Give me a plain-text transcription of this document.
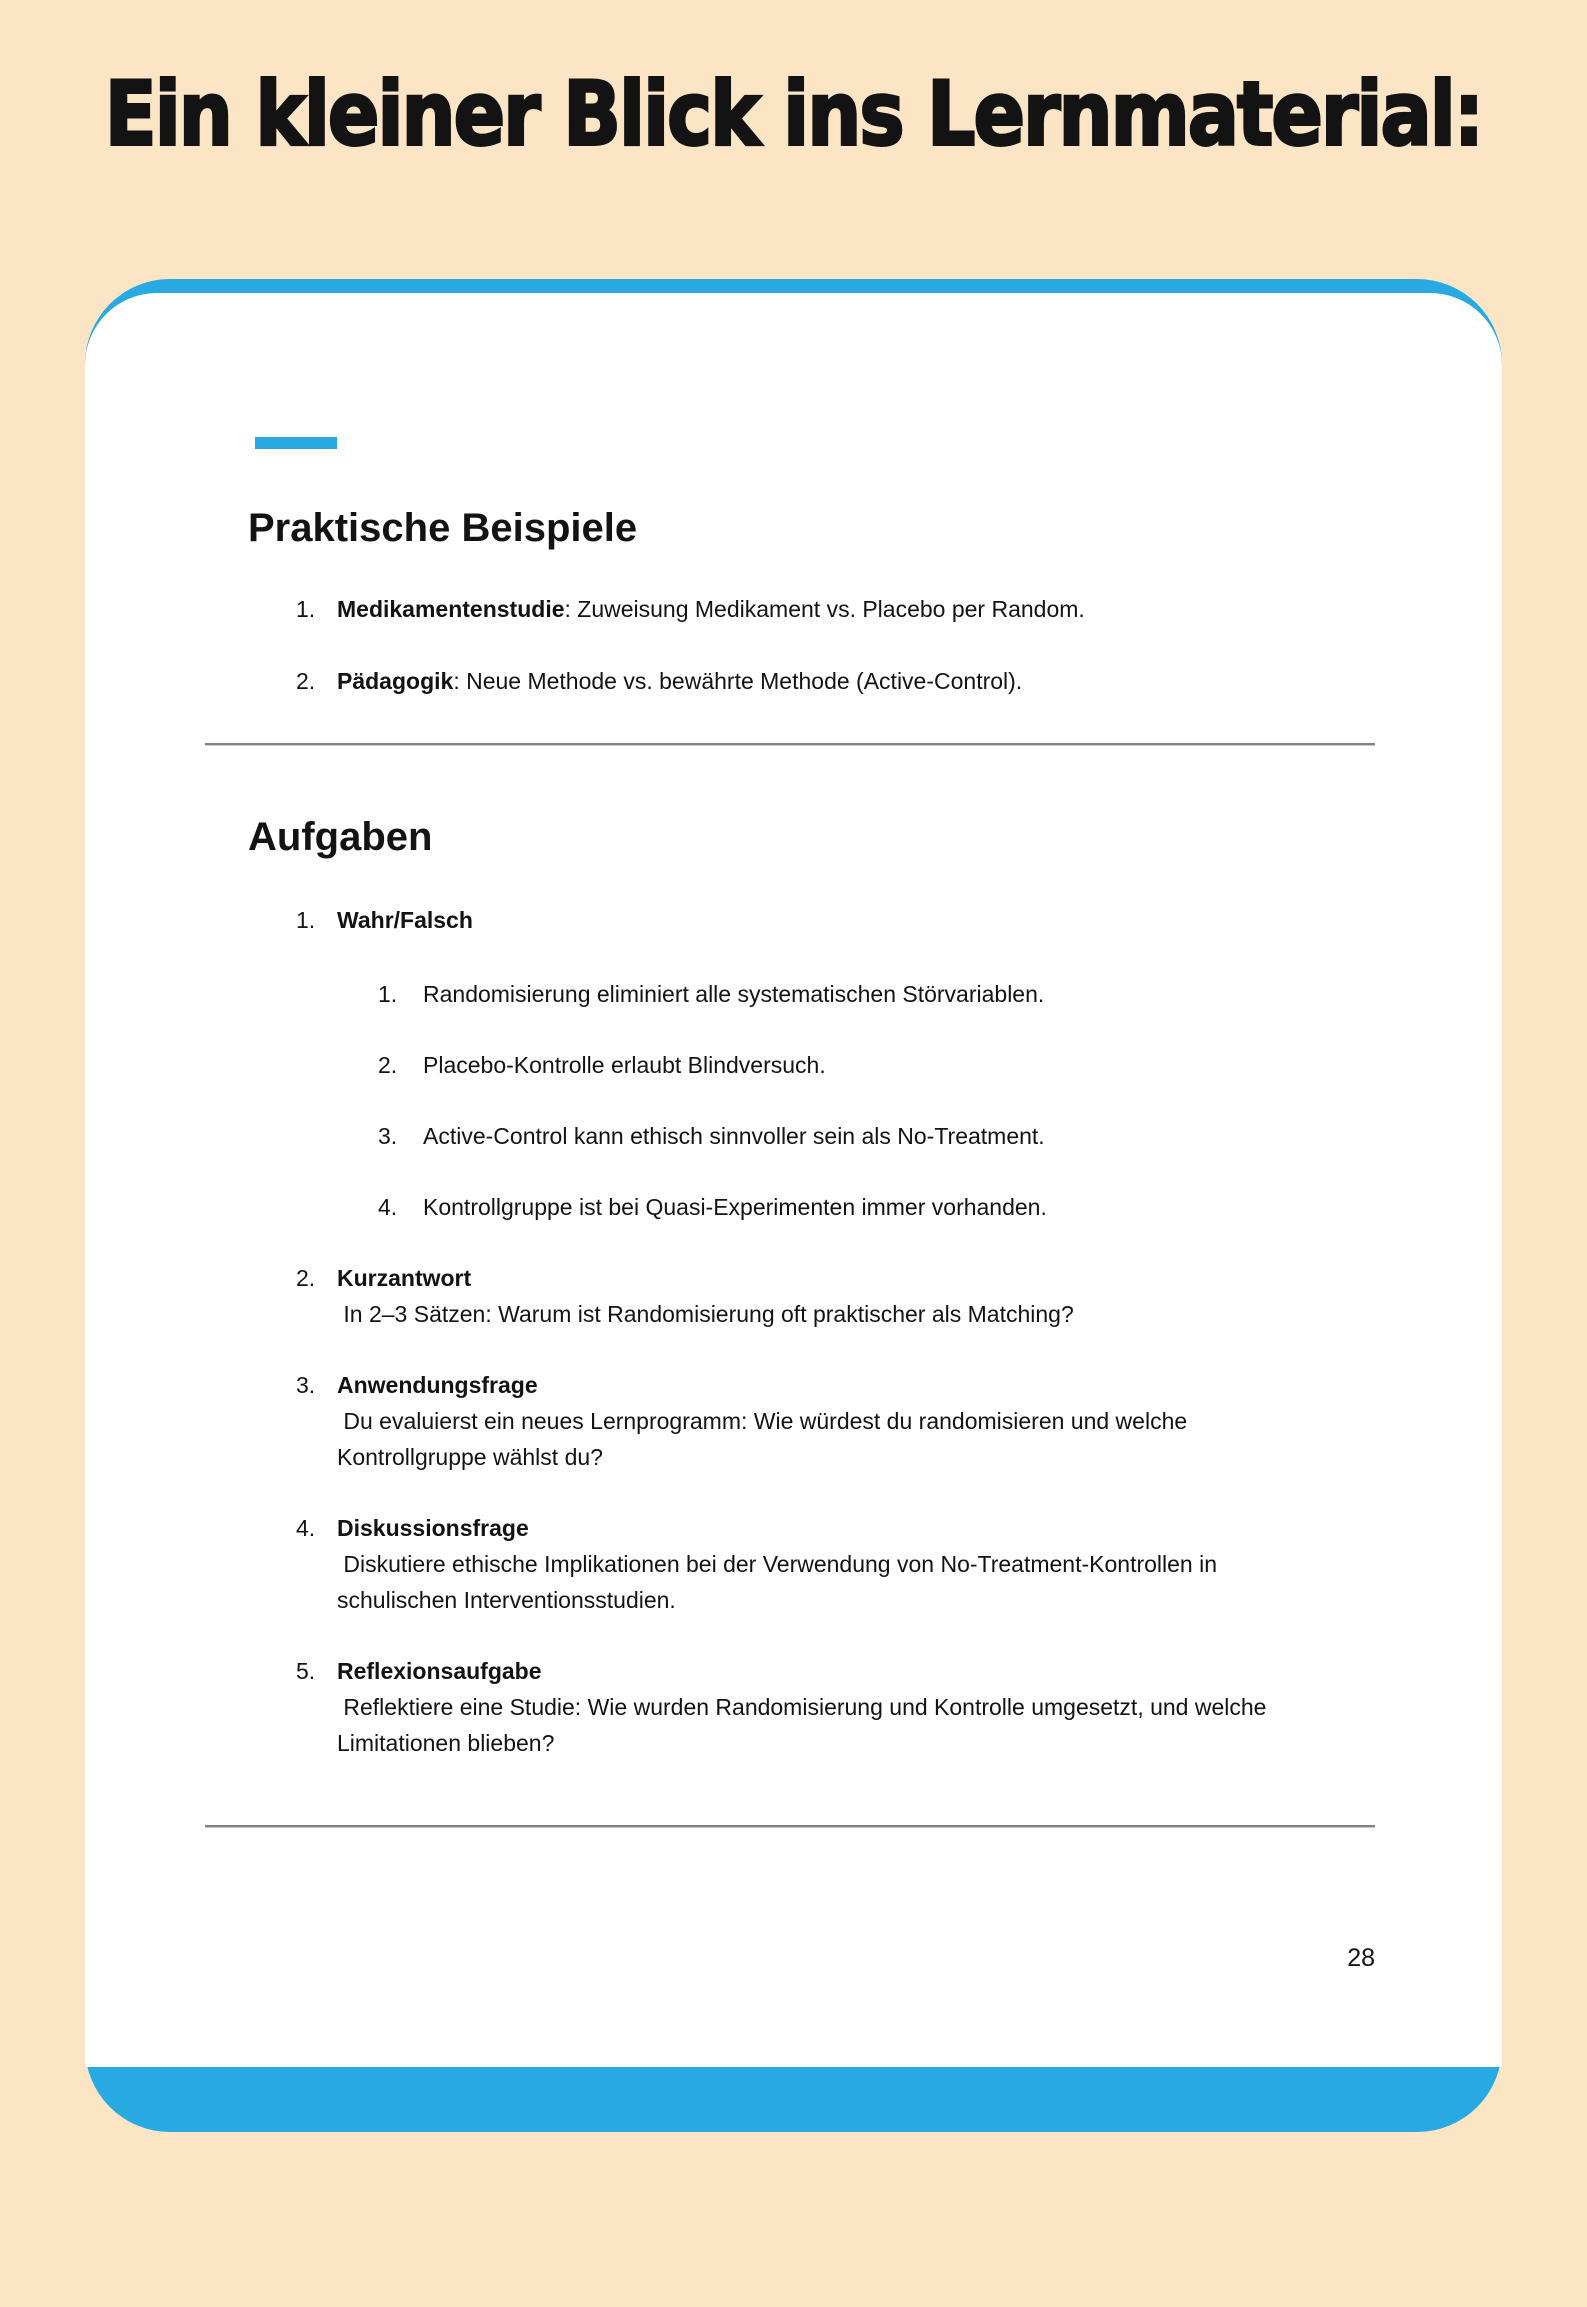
Ein kleiner Blick ins Lernmaterial:
Praktische Beispiele
1. Medikamentenstudie: Zuweisung Medikament vs. Placebo per Random.
2. Pädagogik: Neue Methode vs. bewährte Methode (Active-Control).
Aufgaben
1. Wahr/Falsch
1.	Randomisierung eliminiert alle systematischen Störvariablen.
2.	Placebo-Kontrolle erlaubt Blindversuch.
3.	Active-Control kann ethisch sinnvoller sein als No-Treatment.
4.	Kontrollgruppe ist bei Quasi-Experimenten immer vorhanden.
2. Kurzantwort
In 2–3 Sätzen: Warum ist Randomisierung oft praktischer als Matching?
3. Anwendungsfrage
Du evaluierst ein neues Lernprogramm: Wie würdest du randomisieren und welche Kontrollgruppe wählst du?
4. Diskussionsfrage
Diskutiere ethische Implikationen bei der Verwendung von No-Treatment-Kontrollen in schulischen Interventionsstudien.
5. Reflexionsaufgabe
Reflektiere eine Studie: Wie wurden Randomisierung und Kontrolle umgesetzt, und welche Limitationen blieben?
28
